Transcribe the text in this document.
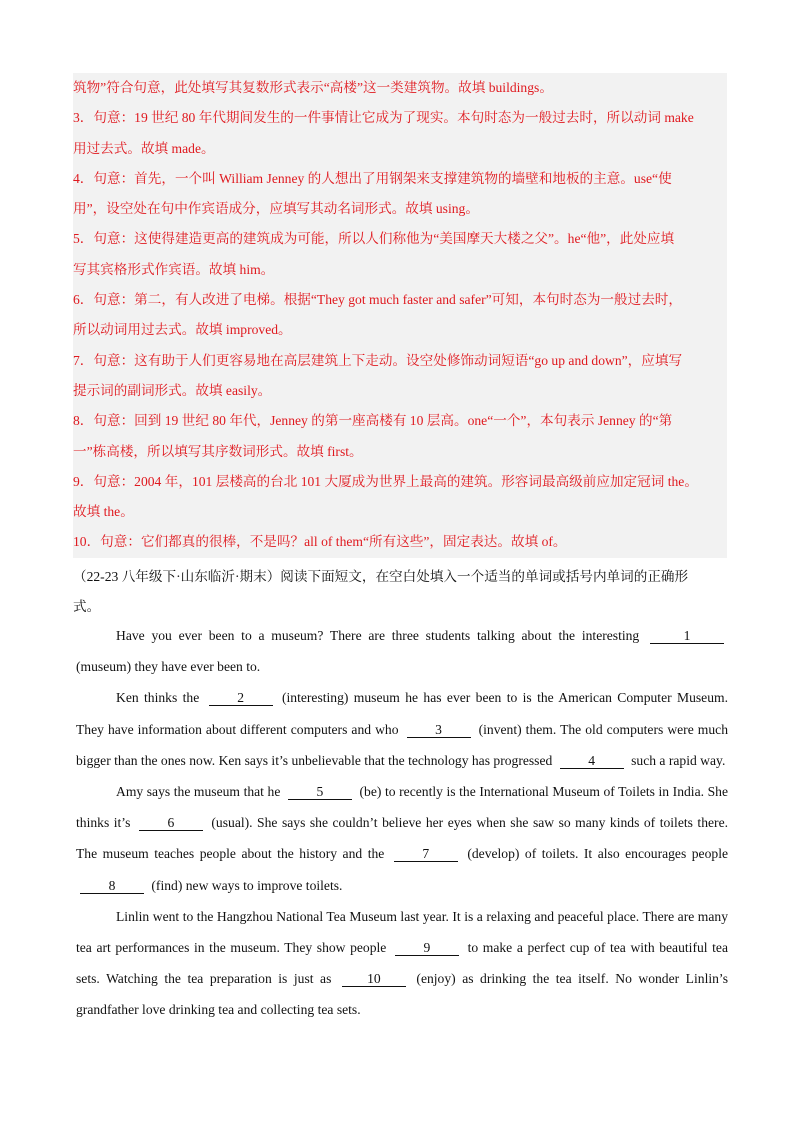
筑物”符合句意，此处填写其复数形式表示“高楼”这一类建筑物。故填 buildings。

3．句意：19 世纪 80 年代期间发生的一件事情让它成为了现实。本句时态为一般过去时，所以动词 make

用过去式。故填 made。

4．句意：首先，一个叫 William Jenney 的人想出了用钢架来支撑建筑物的墙壁和地板的主意。use“使

用”，设空处在句中作宾语成分，应填写其动名词形式。故填 using。

5．句意：这使得建造更高的建筑成为可能，所以人们称他为“美国摩天大楼之父”。he“他”，此处应填

写其宾格形式作宾语。故填 him。

6．句意：第二，有人改进了电梯。根据“They got much faster and safer”可知，本句时态为一般过去时，

所以动词用过去式。故填 improved。

7．句意：这有助于人们更容易地在高层建筑上下走动。设空处修饰动词短语“go up and down”，应填写

提示词的副词形式。故填 easily。

8．句意：回到 19 世纪 80 年代，Jenney 的第一座高楼有 10 层高。one“一个”，本句表示 Jenney 的“第

一”栋高楼，所以填写其序数词形式。故填 first。

9．句意：2004 年，101 层楼高的台北 101 大厦成为世界上最高的建筑。形容词最高级前应加定冠词 the。

故填 the。

10．句意：它们都真的很棒，不是吗？all of them“所有这些”，固定表达。故填 of。

（22-23 八年级下·山东临沂·期末）阅读下面短文，在空白处填入一个适当的单词或括号内单词的正确形

式。

Have you ever been to a museum? There are three students talking about the interesting	1 (museum) they have ever been to.

Ken thinks the	2	(interesting) museum he has ever been to is the American Computer Museum. They have information about different computers and who	3	(invent) them. The old computers were much bigger than the ones now. Ken says it’s unbelievable that the technology has progressed	4	such a rapid way.

Amy says the museum that he	5	(be) to recently is the International Museum of Toilets in India. She thinks it’s	6	(usual). She says she couldn’t believe her eyes when she saw so many kinds of toilets there. The museum teaches people about the history and the	7	(develop) of toilets. It also encourages people 8	(find) new ways to improve toilets.

Linlin went to the Hangzhou National Tea Museum last year. It is a relaxing and peaceful place. There are many tea art performances in the museum. They show people	9	to make a perfect cup of tea with beautiful tea sets. Watching the tea preparation is just as	10	(enjoy) as drinking the tea itself. No wonder Linlin’s grandfather love drinking tea and collecting tea sets.
